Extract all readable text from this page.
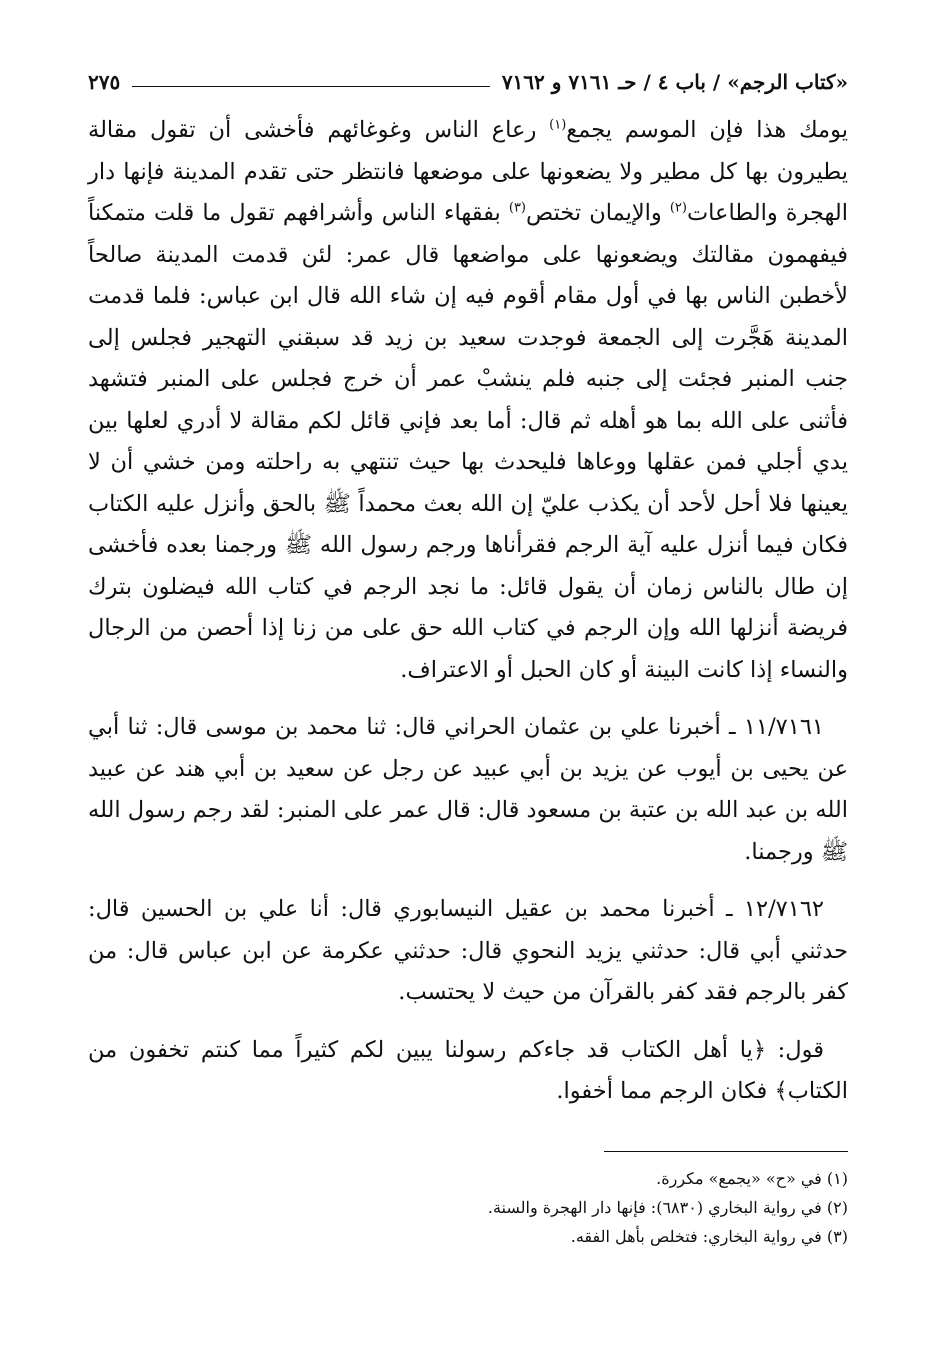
«كتاب الرجم» / باب ٤ / حـ ٧١٦١ و ٧١٦٢
٢٧٥
يومك هذا فإن الموسم يجمع$^{(١)}$ رعاع الناس وغوغائهم فأخشى أن تقول مقالة يطيرون بها كل مطير ولا يضعونها على موضعها فانتظر حتى تقدم المدينة فإنها دار الهجرة والطاعات$^{(٢)}$ والإيمان تختص$^{(٣)}$ بفقهاء الناس وأشرافهم تقول ما قلت متمكناً فيفهمون مقالتك ويضعونها على مواضعها قال عمر: لئن قدمت المدينة صالحاً لأخطبن الناس بها في أول مقام أقوم فيه إن شاء الله قال ابن عباس: فلما قدمت المدينة هَجَّرت إلى الجمعة فوجدت سعيد بن زيد قد سبقني التهجير فجلس إلى جنب المنبر فجئت إلى جنبه فلم ينشبْ عمر أن خرج فجلس على المنبر فتشهد فأثنى على الله بما هو أهله ثم قال: أما بعد فإني قائل لكم مقالة لا أدري لعلها بين يدي أجلي فمن عقلها ووعاها فليحدث بها حيث تنتهي به راحلته ومن خشي أن لا يعينها فلا أحل لأحد أن يكذب عليّ إن الله بعث محمداً ﷺ بالحق وأنزل عليه الكتاب فكان فيما أنزل عليه آية الرجم فقرأناها ورجم رسول الله ﷺ ورجمنا بعده فأخشى إن طال بالناس زمان أن يقول قائل: ما نجد الرجم في كتاب الله فيضلون بترك فريضة أنزلها الله وإن الرجم في كتاب الله حق على من زنا إذا أحصن من الرجال والنساء إذا كانت البينة أو كان الحبل أو الاعتراف.
١١/٧١٦١ ـ أخبرنا علي بن عثمان الحراني قال: ثنا محمد بن موسى قال: ثنا أبي عن يحيى بن أيوب عن يزيد بن أبي عبيد عن رجل عن سعيد بن أبي هند عن عبيد الله بن عبد الله بن عتبة بن مسعود قال: قال عمر على المنبر: لقد رجم رسول الله ﷺ ورجمنا.
١٢/٧١٦٢ ـ أخبرنا محمد بن عقيل النيسابوري قال: أنا علي بن الحسين قال: حدثني أبي قال: حدثني يزيد النحوي قال: حدثني عكرمة عن ابن عباس قال: من كفر بالرجم فقد كفر بالقرآن من حيث لا يحتسب.
قول: ﴿يا أهل الكتاب قد جاءكم رسولنا يبين لكم كثيراً مما كنتم تخفون من الكتاب﴾ فكان الرجم مما أخفوا.
(١) في «ح» «يجمع» مكررة.
(٢) في رواية البخاري (٦٨٣٠): فإنها دار الهجرة والسنة.
(٣) في رواية البخاري: فتخلص بأهل الفقه.
